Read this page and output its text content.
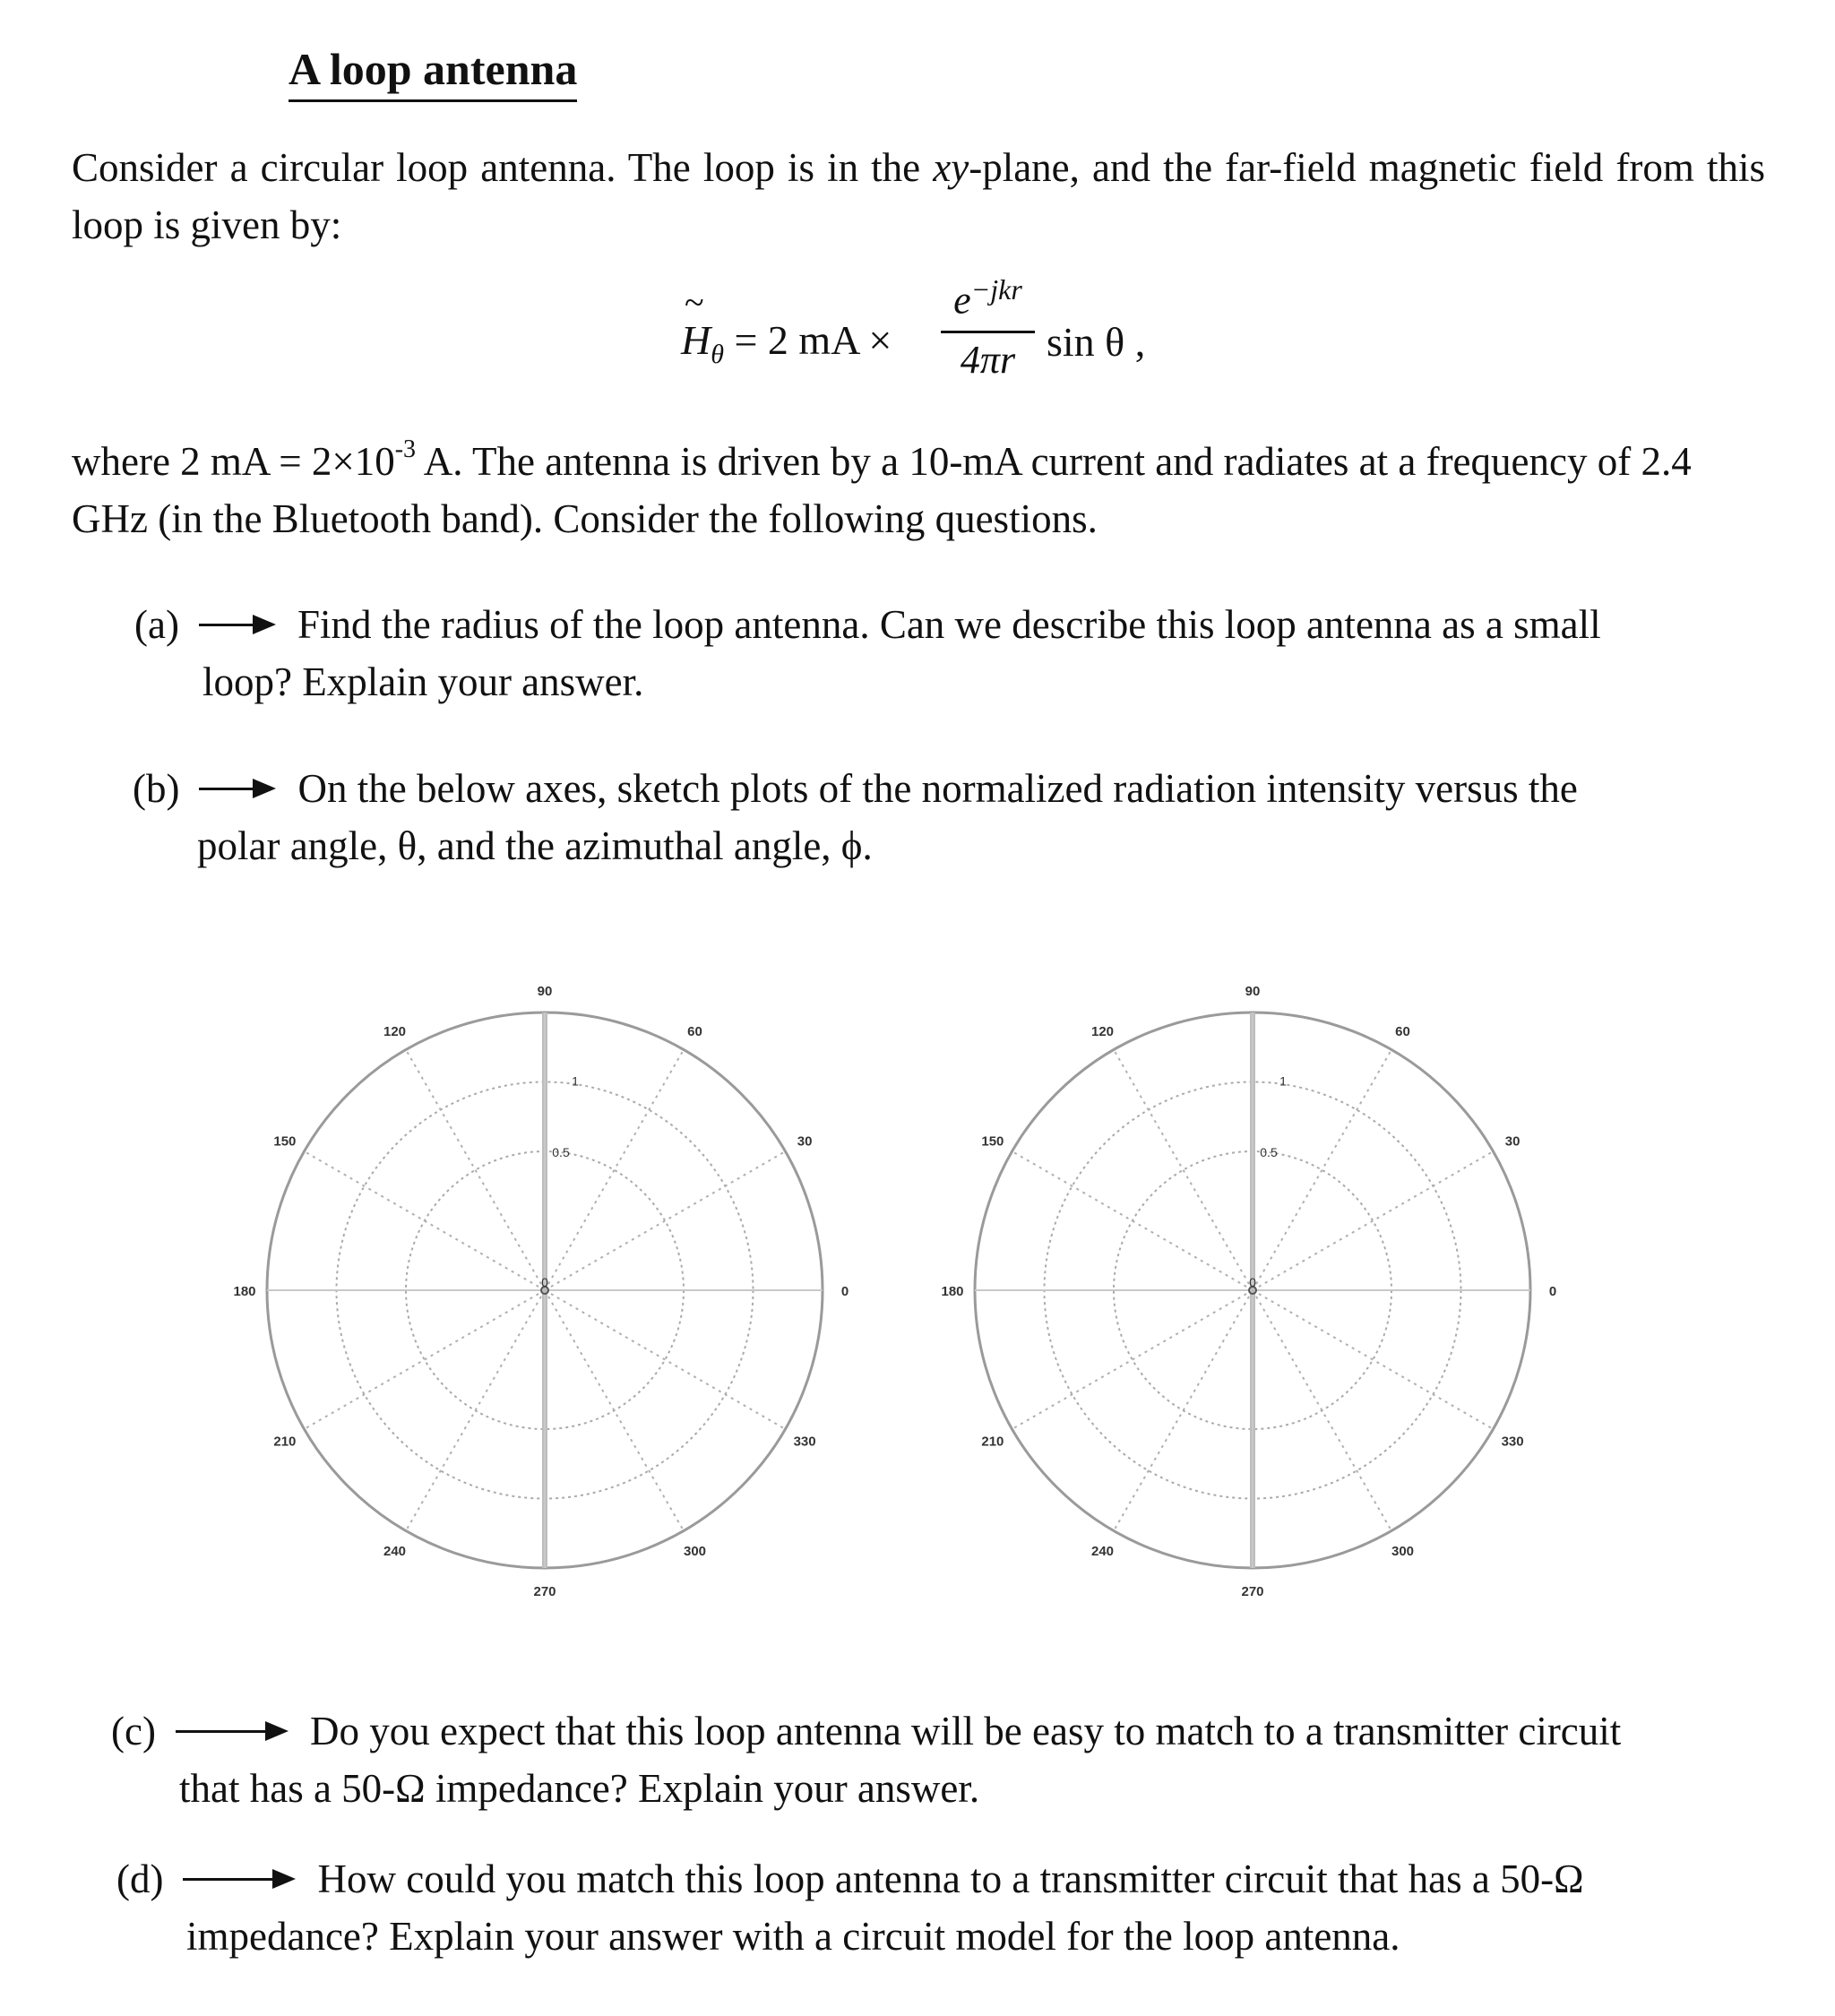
A loop antenna
Consider a circular loop antenna. The loop is in the xy-plane, and the far-field magnetic field from this loop is given by:
~ $H_\theta = 2$ mA ×
$e^{-jkr}$
4πr sin θ ,
where 2 mA = $2\times 10^{-3}$ A. The antenna is driven by a 10-mA current and radiates at a frequency of 2.4 GHz (in the Bluetooth band). Consider the following questions.
(a)	Find the radius of the loop antenna. Can we describe this loop antenna as a small
loop? Explain your answer.
(b)	On the below axes, sketch plots of the normalized radiation intensity versus the
polar angle, θ, and the azimuthal angle, ϕ.
0
30
60
90
120
150
180
210
240
270
300
330
0
0.5
1
0
30
60
90
120
150
180
210
240
270
300
330
0
0.5
1
(c)	Do you expect that this loop antenna will be easy to match to a transmitter circuit
that has a 50-Ω impedance? Explain your answer.
(d)	How could you match this loop antenna to a transmitter circuit that has a 50-Ω
impedance? Explain your answer with a circuit model for the loop antenna.
